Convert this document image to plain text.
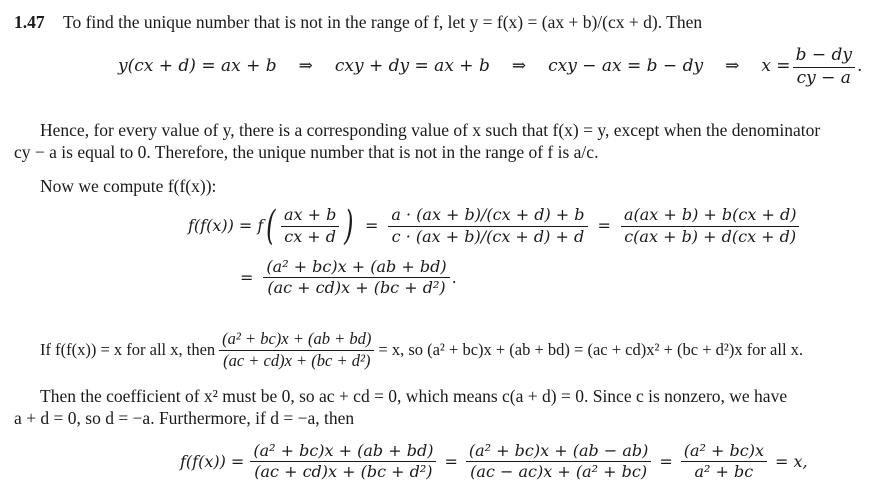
1.47 To find the unique number that is not in the range of f, let y = f(x) = (ax + b)/(cx + d). Then
y(cx + d) = ax + b ⇒ cxy + dy = ax + b ⇒ cxy − ax = b − dy ⇒ $x = \frac{b - dy}{cy - a}$ .
Hence, for every value of y, there is a corresponding value of x such that f(x) = y, except when the denominator
cy − a is equal to 0. Therefore, the unique number that is not in the range of f is a/c.
Now we compute f(f(x)):
f(f(x)) = f ( $\frac{ax + b}{cx + d}$ ) = $\frac{a \cdot (ax + b)/(cx + d) + b}{c \cdot (ax + b)/(cx + d) + d} = \frac{a(ax + b) + b(cx + d)}{c(ax + b) + d(cx + d)}$
= $\frac{\text{(a² + bc)x + (ab + bd)}}{\text{(ac + cd)x + (bc + d²)}}$ .
If f(f(x)) = x for all x, then $\frac{\text{(a² + bc)x + (ab + bd)}}{\text{(ac + cd)x + (bc + d²)}} = x$, so (a² + bc)x + (ab + bd) = (ac + cd)x² + (bc + d²)x for all x.
Then the coefficient of x² must be 0, so ac + cd = 0, which means c(a + d) = 0. Since c is nonzero, we have
a + d = 0, so d = −a. Furthermore, if d = −a, then
$f(f(x)) = \frac{\text{(a² + bc)x + (ab + bd)}}{\text{(ac + cd)x + (bc + d²)}} = \frac{\text{(a² + bc)x + (ab − ab)}}{\text{(ac − ac)x + (a² + bc)}} = \frac{\text{(a² + bc)x}}{\text{a² + bc}} = x$,
